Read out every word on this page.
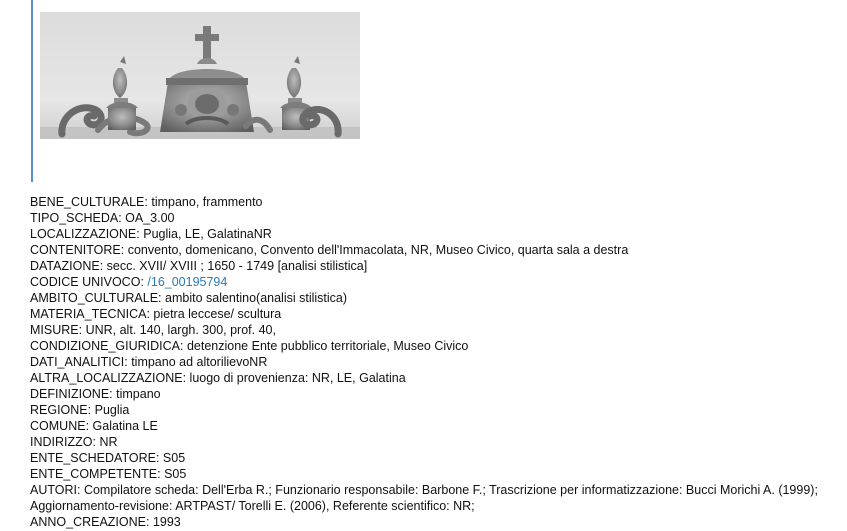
BENE_CULTURALE: timpano, frammento
TIPO_SCHEDA: OA_3.00
LOCALIZZAZIONE: Puglia, LE, GalatinaNR
CONTENITORE: convento, domenicano, Convento dell'Immacolata, NR, Museo Civico, quarta sala a destra
DATAZIONE: secc. XVII/ XVIII ; 1650 - 1749 [analisi stilistica]
CODICE UNIVOCO: /16_00195794
AMBITO_CULTURALE: ambito salentino(analisi stilistica)
MATERIA_TECNICA: pietra leccese/ scultura
MISURE: UNR, alt. 140, largh. 300, prof. 40,
CONDIZIONE_GIURIDICA: detenzione Ente pubblico territoriale, Museo Civico
DATI_ANALITICI: timpano ad altorilievoNR
ALTRA_LOCALIZZAZIONE: luogo di provenienza: NR, LE, Galatina
DEFINIZIONE: timpano
REGIONE: Puglia
COMUNE: Galatina LE
INDIRIZZO: NR
ENTE_SCHEDATORE: S05
ENTE_COMPETENTE: S05
AUTORI: Compilatore scheda: Dell'Erba R.; Funzionario responsabile: Barbone F.; Trascrizione per informatizzazione: Bucci Morichi A. (1999); Aggiornamento-revisione: ARTPAST/ Torelli E. (2006), Referente scientifico: NR;
ANNO_CREAZIONE: 1993
